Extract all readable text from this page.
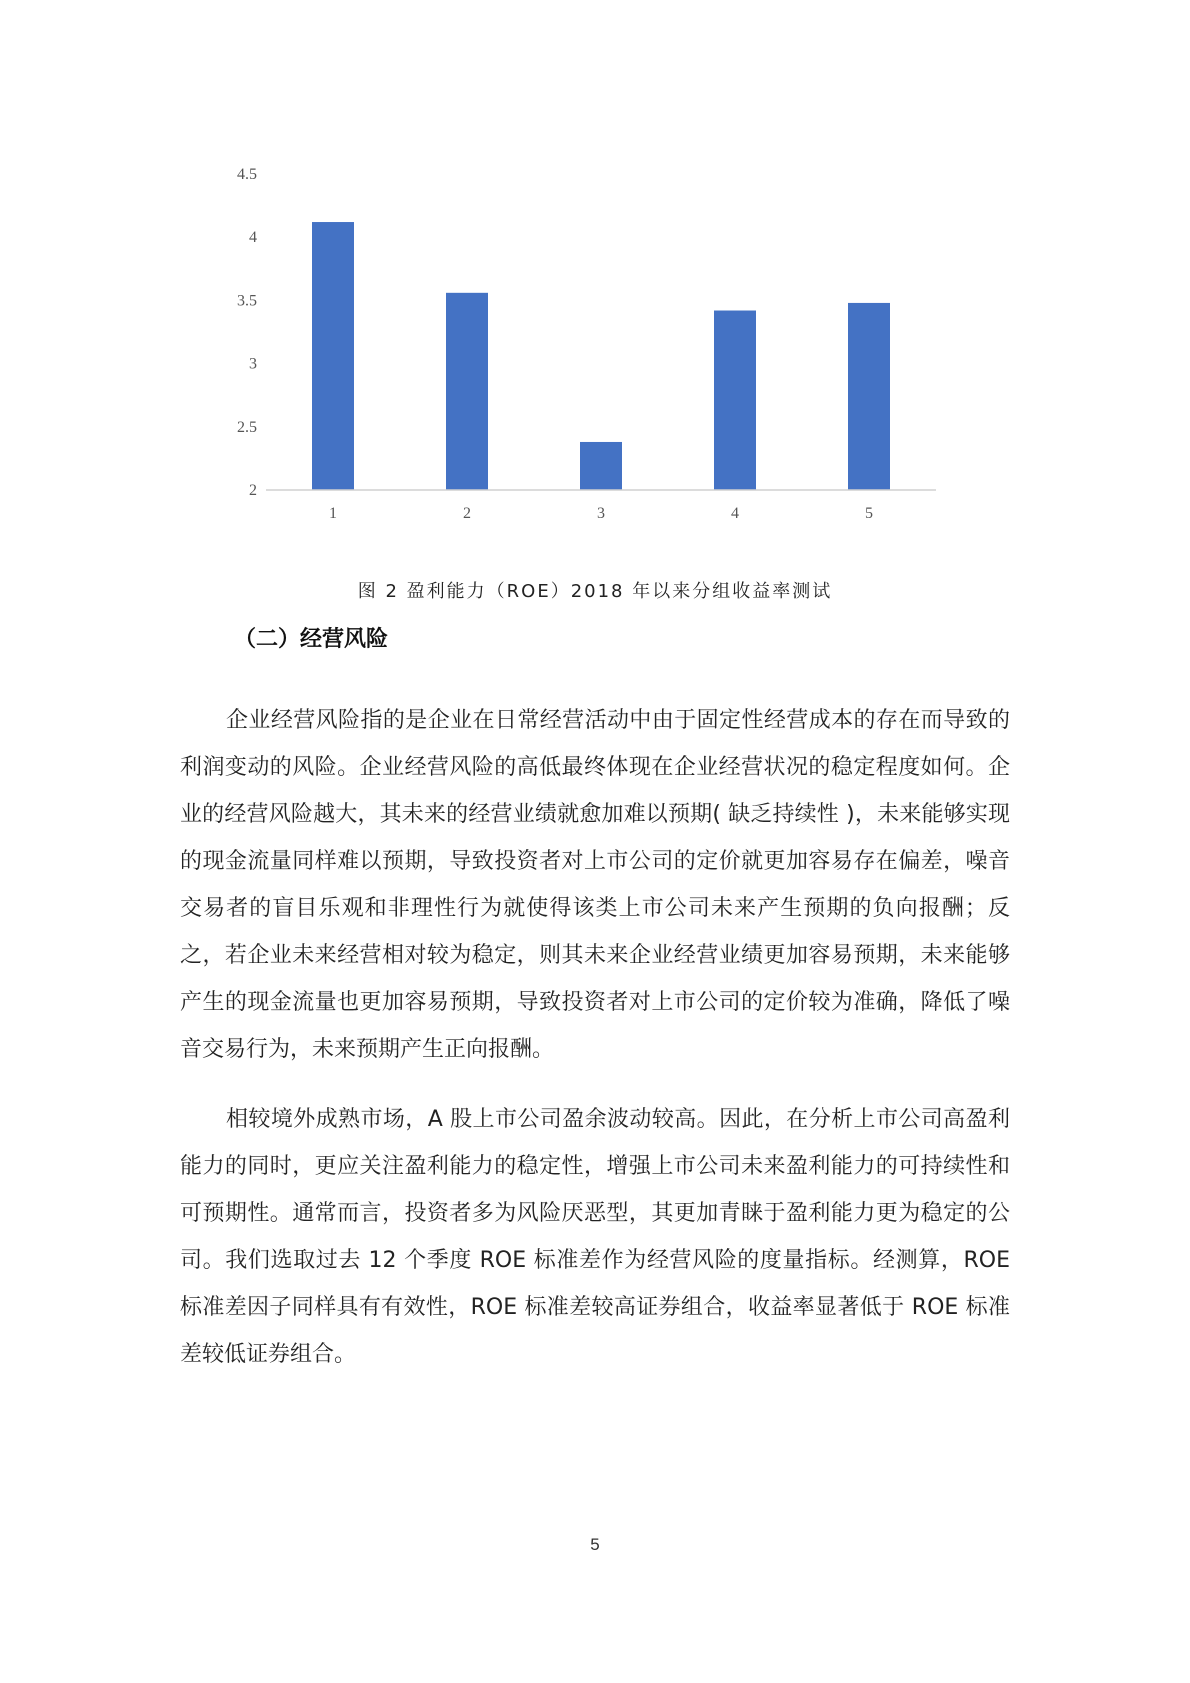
2
2.5
3
3.5
4
4.5
1	2	3	4	5
图 2 盈利能力（ROE）2018 年以来分组收益率测试
（二）经营风险

企业经营风险指的是企业在日常经营活动中由于固定性经营成本的存在而导致的利润变动的风险。企业经营风险的高低最终体现在企业经营状况的稳定程度如何。企业的经营风险越大，其未来的经营业绩就愈加难以预期( 缺乏持续性 )，未来能够实现的现金流量同样难以预期，导致投资者对上市公司的定价就更加容易存在偏差，噪音交易者的盲目乐观和非理性行为就使得该类上市公司未来产生预期的负向报酬；反之，若企业未来经营相对较为稳定，则其未来企业经营业绩更加容易预期，未来能够产生的现金流量也更加容易预期，导致投资者对上市公司的定价较为准确，降低了噪音交易行为，未来预期产生正向报酬。

相较境外成熟市场，A 股上市公司盈余波动较高。因此，在分析上市公司高盈利能力的同时，更应关注盈利能力的稳定性，增强上市公司未来盈利能力的可持续性和可预期性。通常而言，投资者多为风险厌恶型，其更加青睐于盈利能力更为稳定的公司。我们选取过去 12 个季度 ROE 标准差作为经营风险的度量指标。经测算，ROE 标准差因子同样具有有效性，ROE 标准差较高证券组合，收益率显著低于 ROE 标准差较低证券组合。

5
